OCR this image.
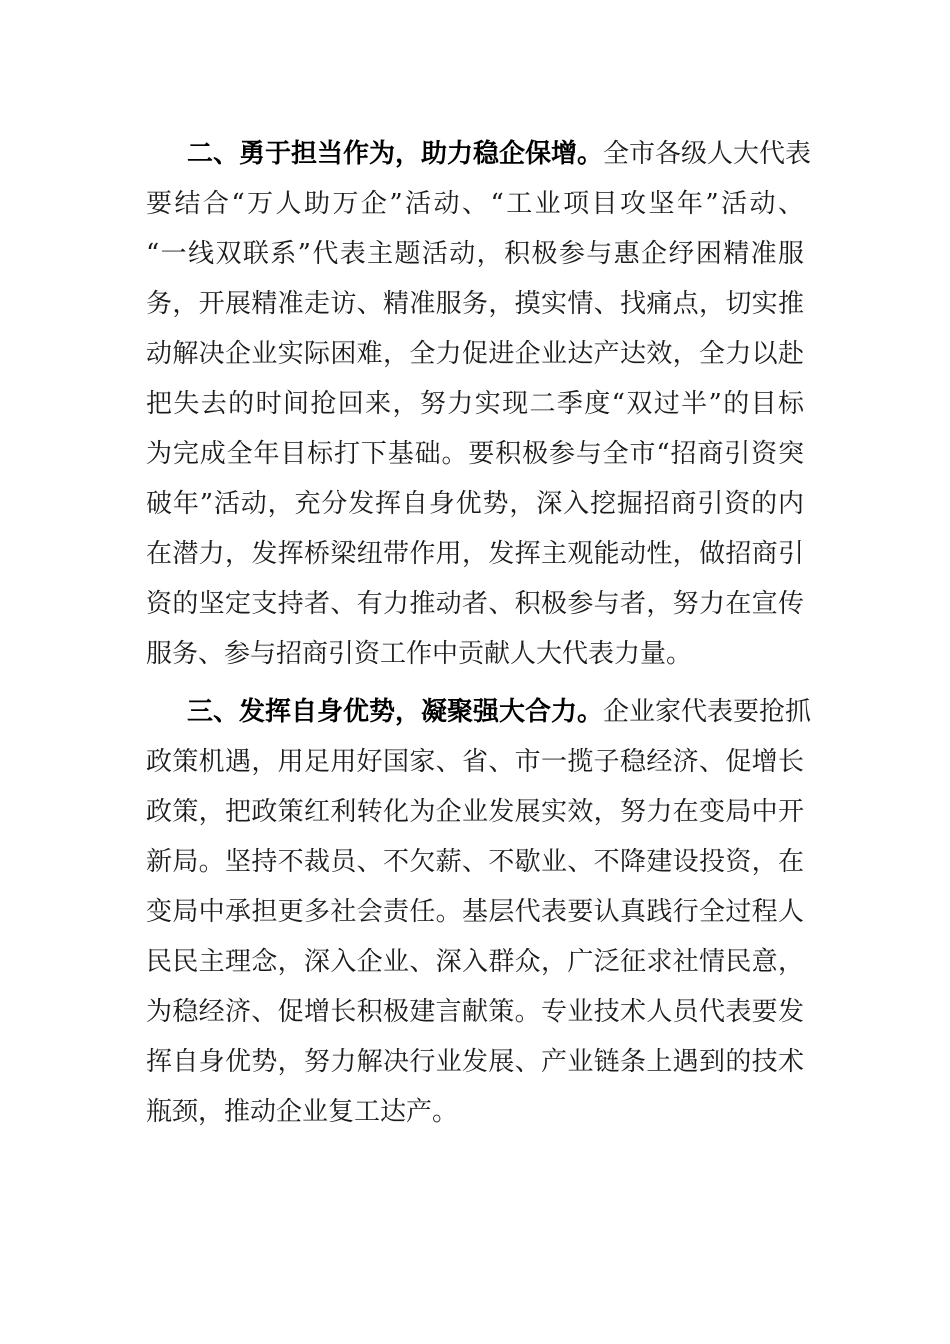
二、勇于担当作为，助力稳企保增。全市各级人大代表
要结合“万人助万企”活动、“工业项目攻坚年”活动、
“一线双联系”代表主题活动，积极参与惠企纾困精准服
务，开展精准走访、精准服务，摸实情、找痛点，切实推
动解决企业实际困难，全力促进企业达产达效，全力以赴
把失去的时间抢回来，努力实现二季度“双过半”的目标
为完成全年目标打下基础。要积极参与全市“招商引资突
破年”活动，充分发挥自身优势，深入挖掘招商引资的内
在潜力，发挥桥梁纽带作用，发挥主观能动性，做招商引
资的坚定支持者、有力推动者、积极参与者，努力在宣传
服务、参与招商引资工作中贡献人大代表力量。
三、发挥自身优势，凝聚强大合力。企业家代表要抢抓
政策机遇，用足用好国家、省、市一揽子稳经济、促增长
政策，把政策红利转化为企业发展实效，努力在变局中开
新局。坚持不裁员、不欠薪、不歇业、不降建设投资，在
变局中承担更多社会责任。基层代表要认真践行全过程人
民民主理念，深入企业、深入群众，广泛征求社情民意，
为稳经济、促增长积极建言献策。专业技术人员代表要发
挥自身优势，努力解决行业发展、产业链条上遇到的技术
瓶颈，推动企业复工达产。
